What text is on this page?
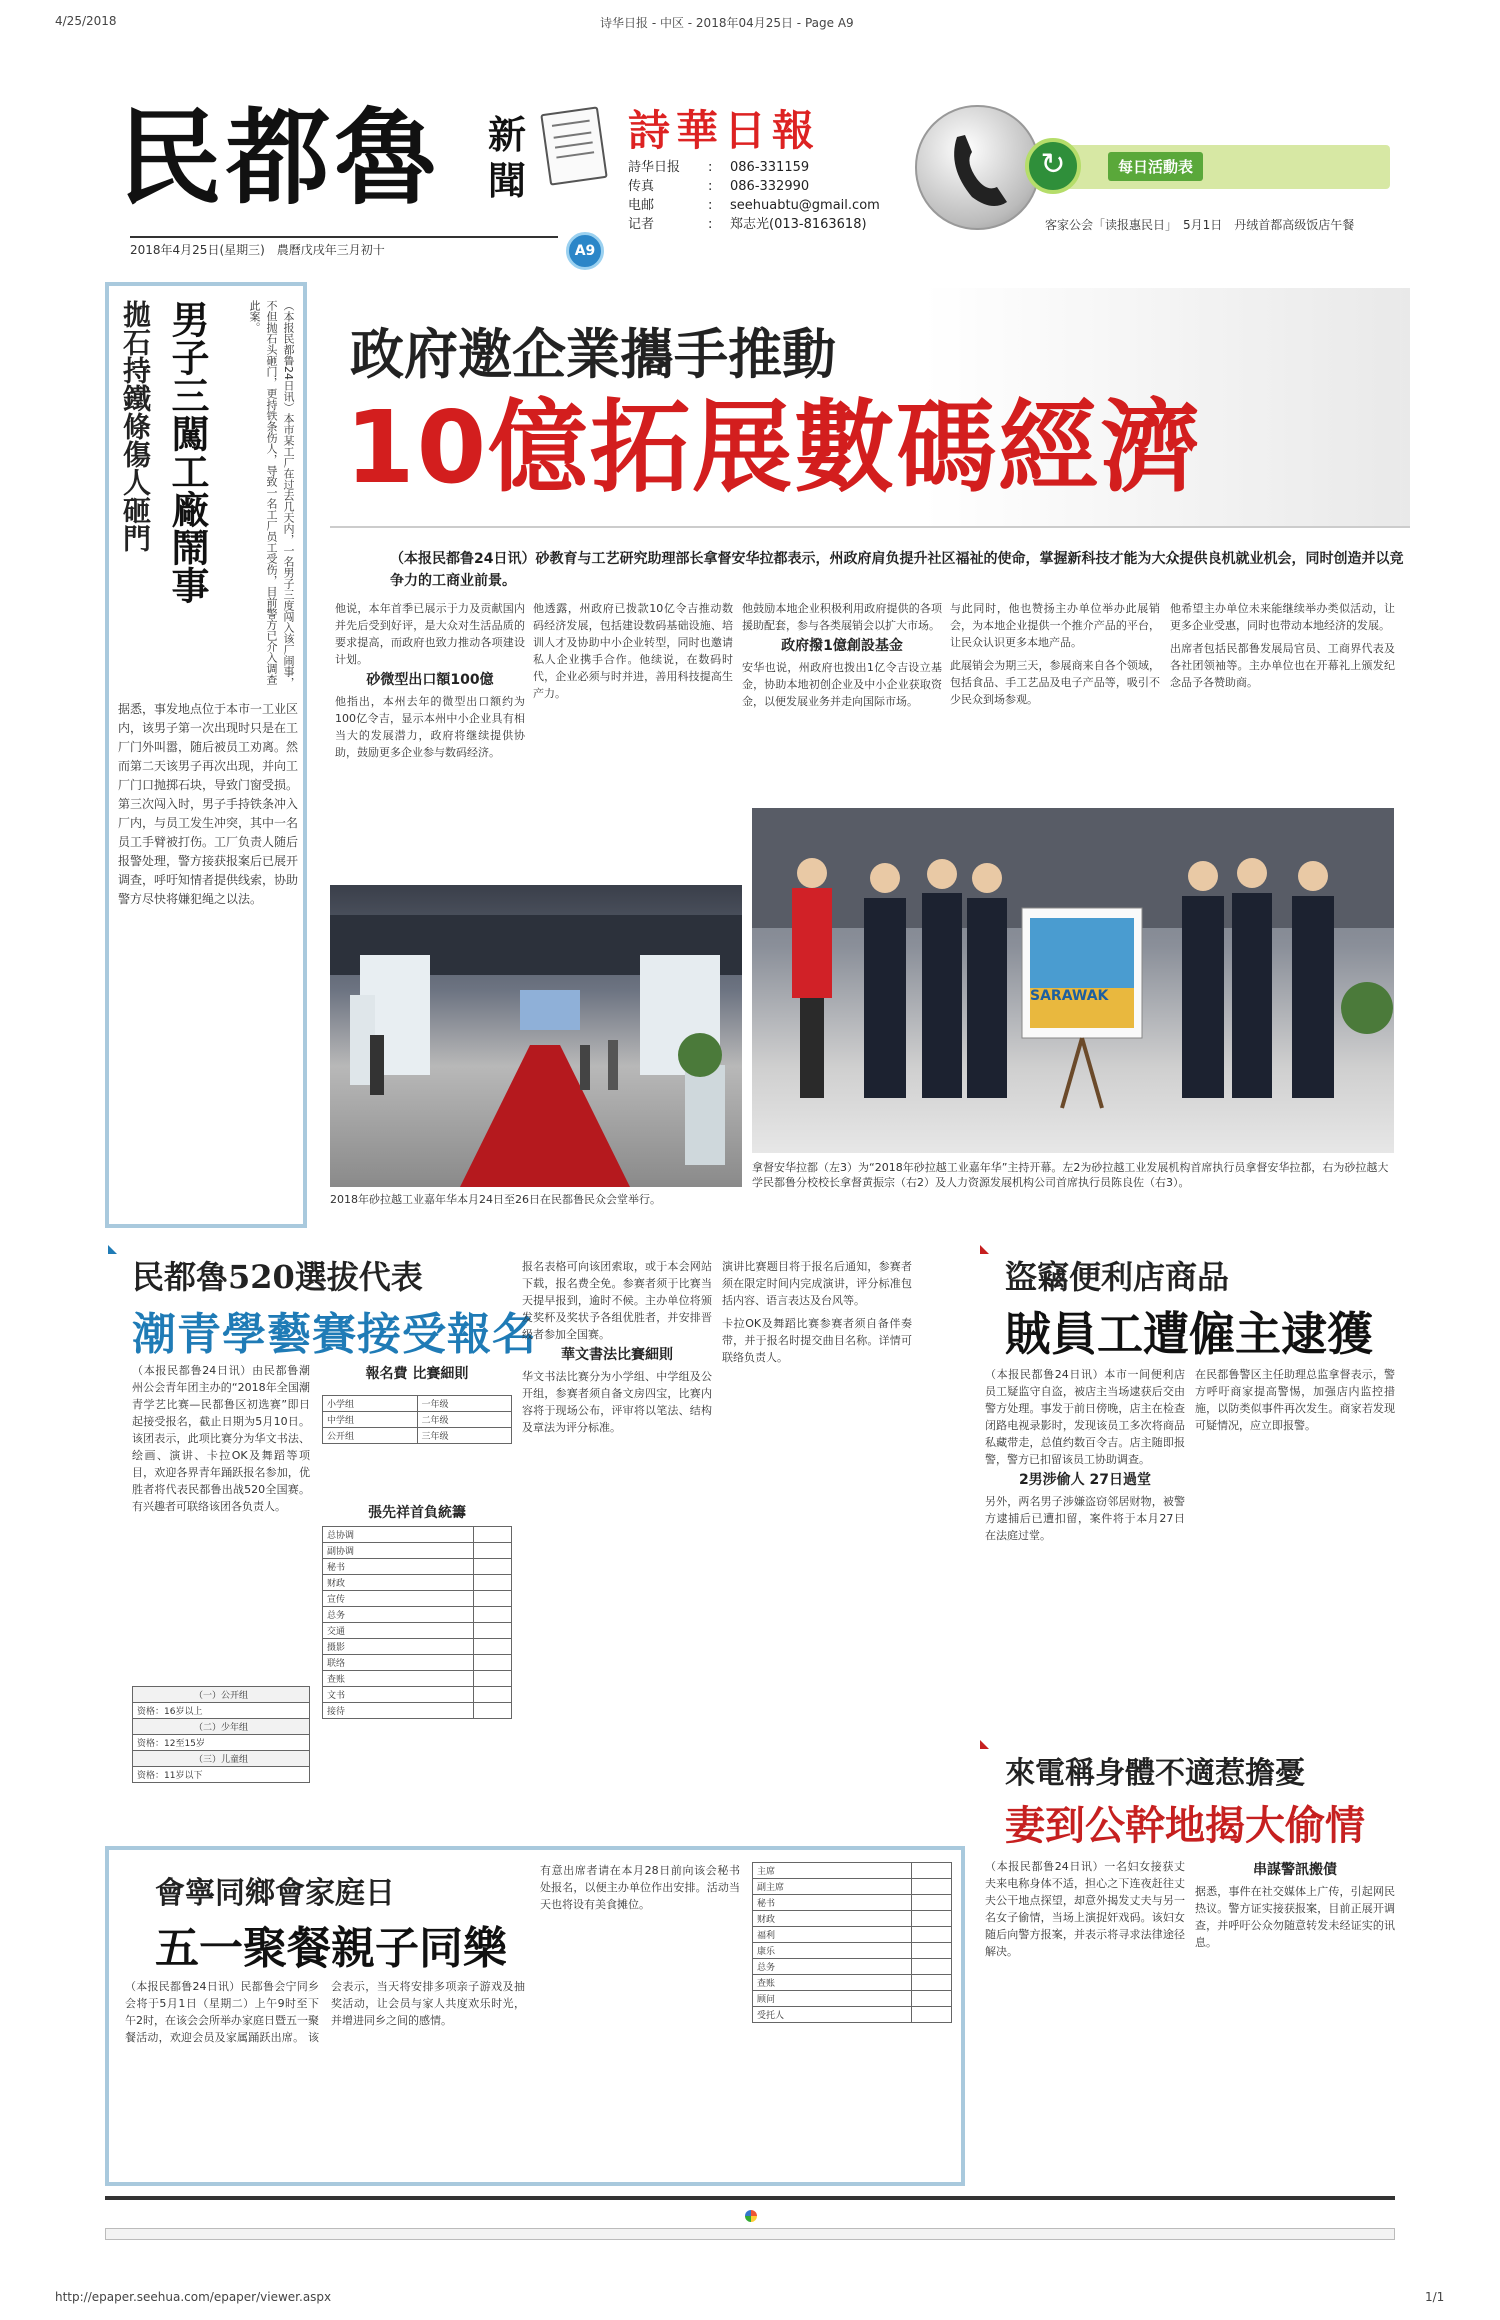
4/25/2018	诗华日报 - 中区 - 2018年04月25日 - Page A9
http://epaper.seehua.com/epaper/viewer.aspx	1/1
民都魯 新聞
2018年4月25日(星期三)　農曆戊戌年三月初十	A9
詩華日報
詩华日报	:	086-331159
传真	:	086-332990
电邮	:	seehuabtu@gmail.com
记者	:	郑志光(013-8163618)
↻	每日活動表
客家公会「读报惠民日」　5月1日　丹绒首都高级饭店午餐
男子三闖工廠鬧事
拋石持鐵條傷人砸門	（本报民都鲁24日讯）本市某工厂在过去几天内，一名男子三度闯入该厂闹事，不但抛石头砸门，更持铁条伤人，导致一名工厂员工受伤，目前警方已介入调查此案。
据悉，事发地点位于本市一工业区内，该男子第一次出现时只是在工厂门外叫嚣，随后被员工劝离。然而第二天该男子再次出现，并向工厂门口抛掷石块，导致门窗受损。第三次闯入时，男子手持铁条冲入厂内，与员工发生冲突，其中一名员工手臂被打伤。工厂负责人随后报警处理，警方接获报案后已展开调查，呼吁知情者提供线索，协助警方尽快将嫌犯绳之以法。
政府邀企業攜手推動
10億拓展數碼經濟
（本报民都鲁24日讯）砂教育与工艺研究助理部长拿督安华拉都表示，州政府肩负提升社区福祉的使命，掌握新科技才能为大众提供良机就业机会，同时创造并以竞争力的工商业前景。
他说，本年首季已展示于力及贡献国内并先后受到好评，是大众对生活品质的要求提高，而政府也致力推动各项建设计划。
砂微型出口額100億
他指出，本州去年的微型出口额约为100亿令吉，显示本州中小企业具有相当大的发展潜力，政府将继续提供协助，鼓励更多企业参与数码经济。
他透露，州政府已拨款10亿令吉推动数码经济发展，包括建设数码基础设施、培训人才及协助中小企业转型，同时也邀请私人企业携手合作。他续说，在数码时代，企业必须与时并进，善用科技提高生产力。
他鼓励本地企业积极利用政府提供的各项援助配套，参与各类展销会以扩大市场。
政府撥1億創設基金
安华也说，州政府也拨出1亿令吉设立基金，协助本地初创企业及中小企业获取资金，以便发展业务并走向国际市场。
与此同时，他也赞扬主办单位举办此展销会，为本地企业提供一个推介产品的平台，让民众认识更多本地产品。
此展销会为期三天，参展商来自各个领域，包括食品、手工艺品及电子产品等，吸引不少民众到场参观。
他希望主办单位未来能继续举办类似活动，让更多企业受惠，同时也带动本地经济的发展。
出席者包括民都鲁发展局官员、工商界代表及各社团领袖等。主办单位也在开幕礼上颁发纪念品予各赞助商。
2018年砂拉越工业嘉年华本月24日至26日在民都鲁民众会堂举行。
SARAWAK
拿督安华拉都（左3）为“2018年砂拉越工业嘉年华”主持开幕。左2为砂拉越工业发展机构首席执行员拿督安华拉都，右为砂拉越大学民都鲁分校校长拿督黄振宗（右2）及人力资源发展机构公司首席执行员陈良佐（右3）。
民都魯520選拔代表
潮青學藝賽接受報名
（本报民都鲁24日讯）由民都鲁潮州公会青年团主办的“2018年全国潮青学艺比赛—民都鲁区初选赛”即日起接受报名，截止日期为5月10日。该团表示，此项比赛分为华文书法、绘画、演讲、卡拉OK及舞蹈等项目，欢迎各界青年踊跃报名参加，优胜者将代表民都鲁出战520全国赛。有兴趣者可联络该团各负责人。
（一）公开组
资格：16岁以上
（二）少年组
资格：12至15岁
（三）儿童组
资格：11岁以下
報名費 比賽細則
小学组	一年级
中学组	二年级
公开组	三年级
張先祥首負統籌
总协调	
副协调	
秘书	
财政	
宣传	
总务	
交通	
摄影	
联络	
查账	
文书	
接待	
报名表格可向该团索取，或于本会网站下载，报名费全免。参赛者须于比赛当天提早报到，逾时不候。主办单位将颁发奖杯及奖状予各组优胜者，并安排晋级者参加全国赛。
華文書法比賽細則
华文书法比赛分为小学组、中学组及公开组，参赛者须自备文房四宝，比赛内容将于现场公布，评审将以笔法、结构及章法为评分标准。
演讲比赛题目将于报名后通知，参赛者须在限定时间内完成演讲，评分标准包括内容、语言表达及台风等。
卡拉OK及舞蹈比赛参赛者须自备伴奏带，并于报名时提交曲目名称。详情可联络负责人。
盜竊便利店商品
賊員工遭僱主逮獲
（本报民都鲁24日讯）本市一间便利店员工疑监守自盗，被店主当场逮获后交由警方处理。事发于前日傍晚，店主在检查闭路电视录影时，发现该员工多次将商品私藏带走，总值约数百令吉。店主随即报警，警方已扣留该员工协助调查。
2男涉偷人 27日過堂
另外，两名男子涉嫌盗窃邻居财物，被警方逮捕后已遭扣留，案件将于本月27日在法庭过堂。
在民都鲁警区主任助理总监拿督表示，警方呼吁商家提高警惕，加强店内监控措施，以防类似事件再次发生。商家若发现可疑情况，应立即报警。
來電稱身體不適惹擔憂
妻到公幹地揭大偷情
（本报民都鲁24日讯）一名妇女接获丈夫来电称身体不适，担心之下连夜赶往丈夫公干地点探望，却意外揭发丈夫与另一名女子偷情，当场上演捉奸戏码。该妇女随后向警方报案，并表示将寻求法律途径解决。
串謀警訊搬債
据悉，事件在社交媒体上广传，引起网民热议。警方证实接获报案，目前正展开调查，并呼吁公众勿随意转发未经证实的讯息。
會寧同鄉會家庭日
五一聚餐親子同樂
（本报民都鲁24日讯）民都鲁会宁同乡会将于5月1日（星期二）上午9时至下午2时，在该会会所举办家庭日暨五一聚餐活动，欢迎会员及家属踊跃出席。 该会表示，当天将安排多项亲子游戏及抽奖活动，让会员与家人共度欢乐时光，并增进同乡之间的感情。
有意出席者请在本月28日前向该会秘书处报名，以便主办单位作出安排。活动当天也将设有美食摊位。
主席	
副主席	
秘书	
财政	
福利	
康乐	
总务	
查账	
顾问	
受托人	
